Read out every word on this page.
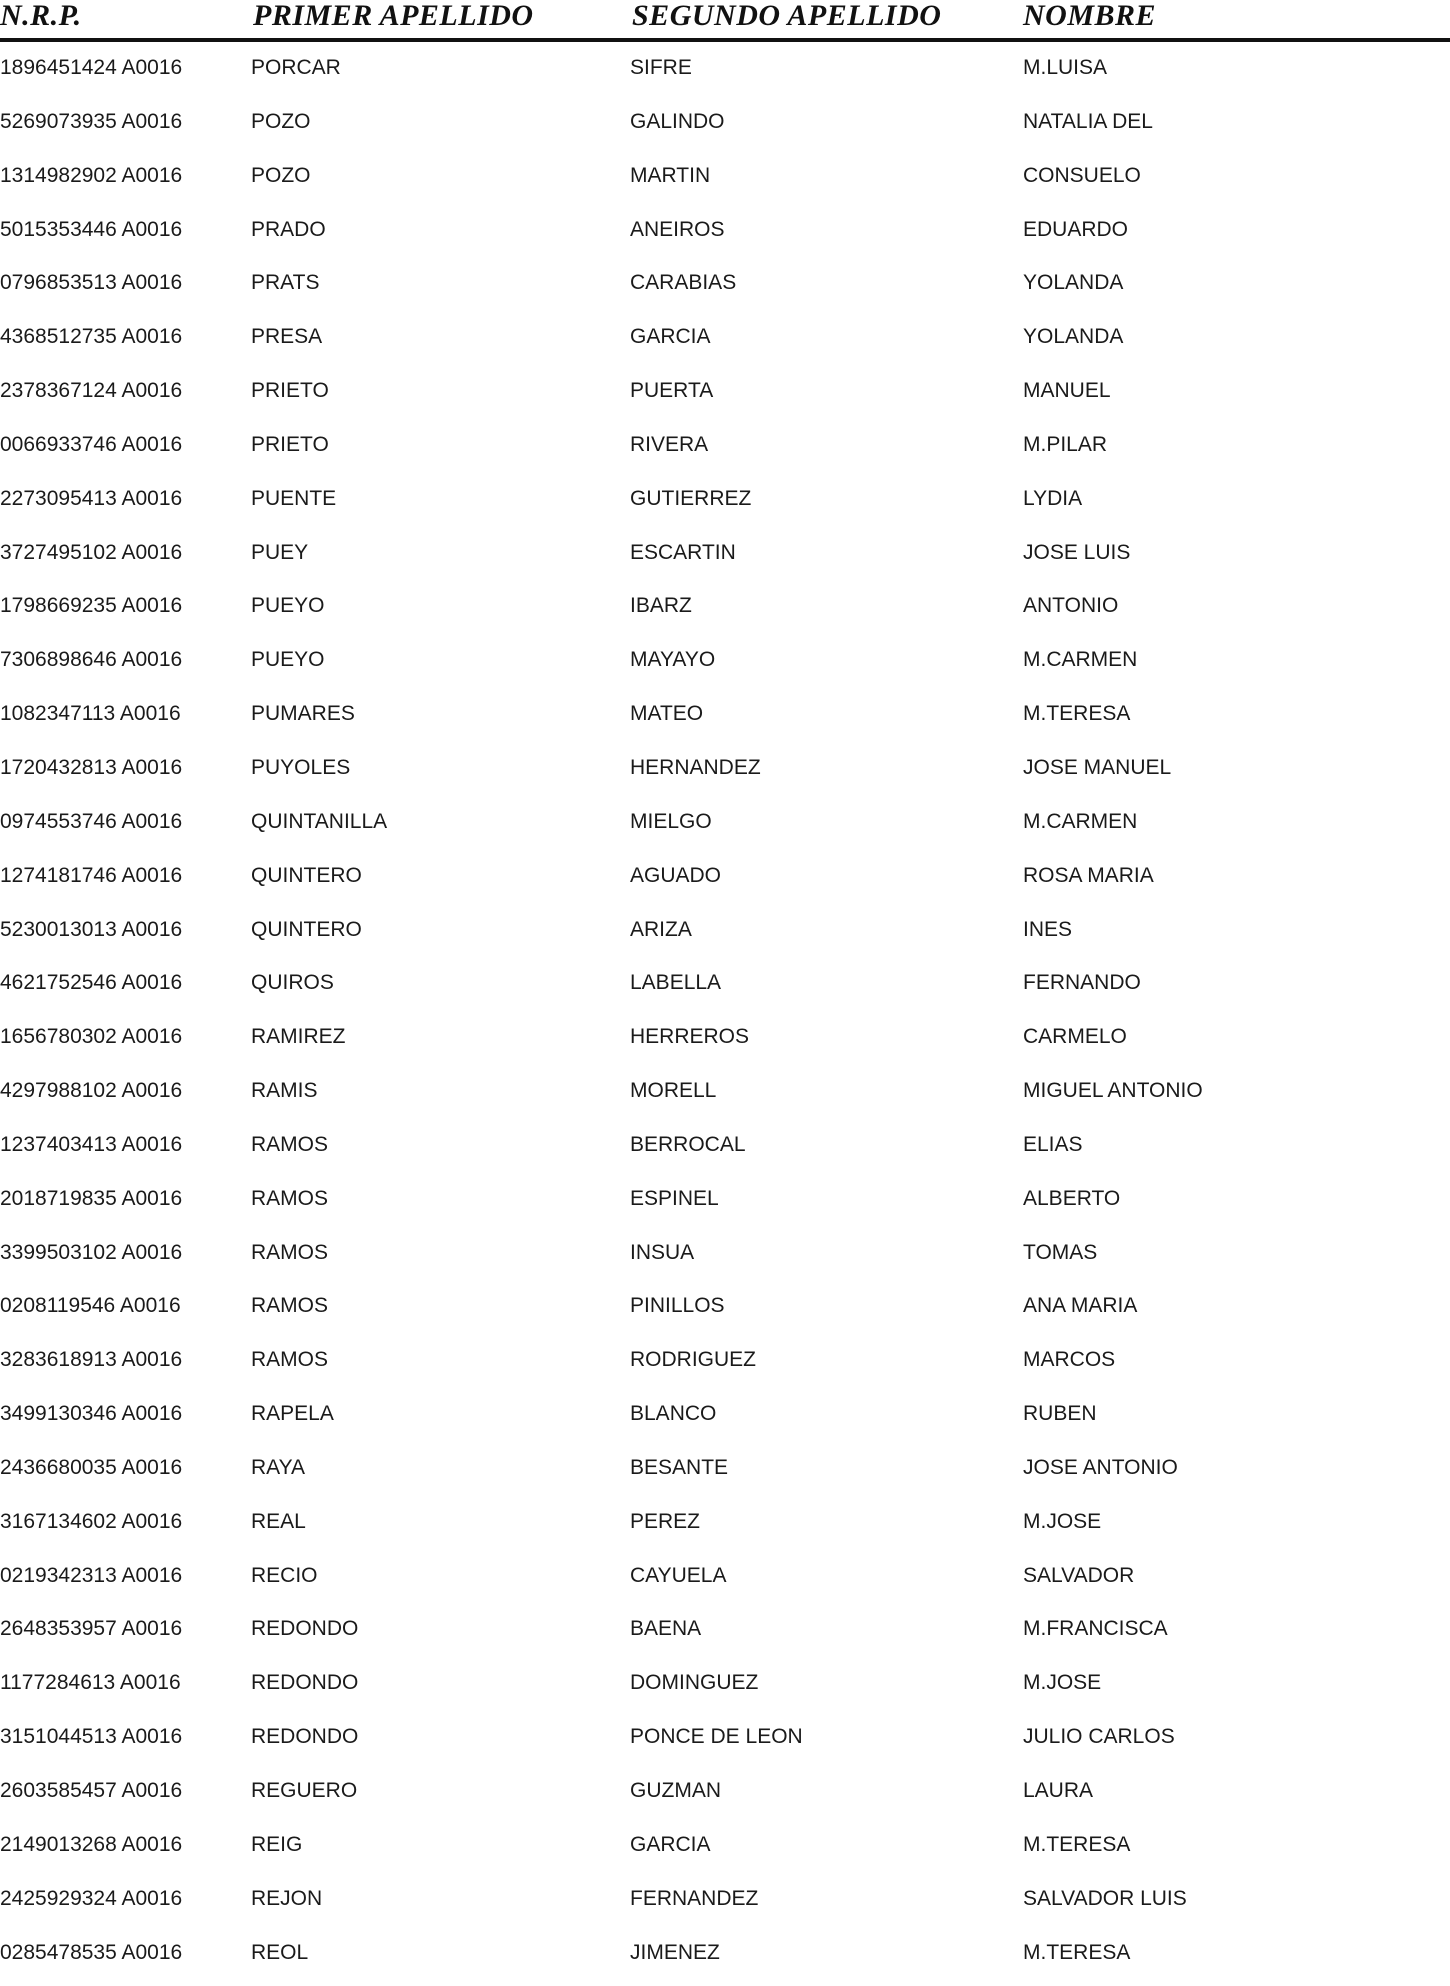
N.R.P.	PRIMER APELLIDO	SEGUNDO APELLIDO	NOMBRE
1896451424 A0016	PORCAR	SIFRE	M.LUISA
5269073935 A0016	POZO	GALINDO	NATALIA DEL
1314982902 A0016	POZO	MARTIN	CONSUELO
5015353446 A0016	PRADO	ANEIROS	EDUARDO
0796853513 A0016	PRATS	CARABIAS	YOLANDA
4368512735 A0016	PRESA	GARCIA	YOLANDA
2378367124 A0016	PRIETO	PUERTA	MANUEL
0066933746 A0016	PRIETO	RIVERA	M.PILAR
2273095413 A0016	PUENTE	GUTIERREZ	LYDIA
3727495102 A0016	PUEY	ESCARTIN	JOSE LUIS
1798669235 A0016	PUEYO	IBARZ	ANTONIO
7306898646 A0016	PUEYO	MAYAYO	M.CARMEN
1082347113 A0016	PUMARES	MATEO	M.TERESA
1720432813 A0016	PUYOLES	HERNANDEZ	JOSE MANUEL
0974553746 A0016	QUINTANILLA	MIELGO	M.CARMEN
1274181746 A0016	QUINTERO	AGUADO	ROSA MARIA
5230013013 A0016	QUINTERO	ARIZA	INES
4621752546 A0016	QUIROS	LABELLA	FERNANDO
1656780302 A0016	RAMIREZ	HERREROS	CARMELO
4297988102 A0016	RAMIS	MORELL	MIGUEL ANTONIO
1237403413 A0016	RAMOS	BERROCAL	ELIAS
2018719835 A0016	RAMOS	ESPINEL	ALBERTO
3399503102 A0016	RAMOS	INSUA	TOMAS
0208119546 A0016	RAMOS	PINILLOS	ANA MARIA
3283618913 A0016	RAMOS	RODRIGUEZ	MARCOS
3499130346 A0016	RAPELA	BLANCO	RUBEN
2436680035 A0016	RAYA	BESANTE	JOSE ANTONIO
3167134602 A0016	REAL	PEREZ	M.JOSE
0219342313 A0016	RECIO	CAYUELA	SALVADOR
2648353957 A0016	REDONDO	BAENA	M.FRANCISCA
1177284613 A0016	REDONDO	DOMINGUEZ	M.JOSE
3151044513 A0016	REDONDO	PONCE DE LEON	JULIO CARLOS
2603585457 A0016	REGUERO	GUZMAN	LAURA
2149013268 A0016	REIG	GARCIA	M.TERESA
2425929324 A0016	REJON	FERNANDEZ	SALVADOR LUIS
0285478535 A0016	REOL	JIMENEZ	M.TERESA
